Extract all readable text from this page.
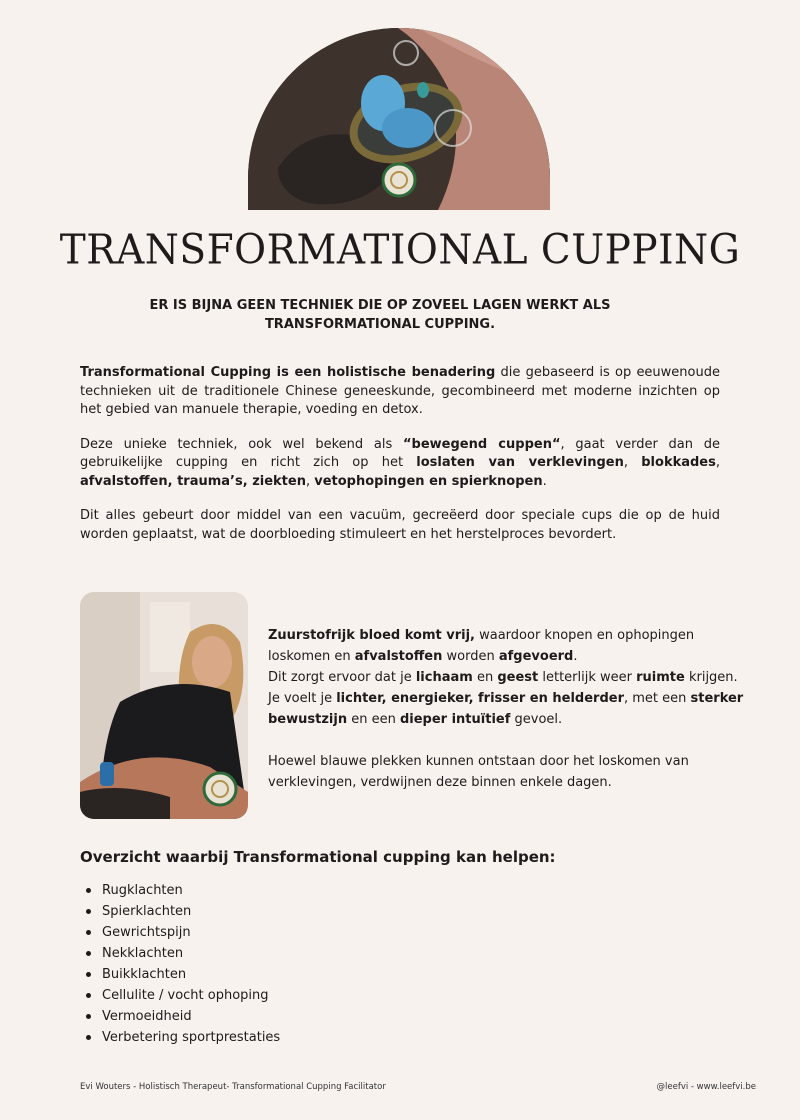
TRANSFORMATIONAL CUPPING

ER IS BIJNA GEEN TECHNIEK DIE OP ZOVEEL LAGEN WERKT ALS
TRANSFORMATIONAL CUPPING.

Transformational Cupping is een holistische benadering die gebaseerd is op eeuwenoude technieken uit de traditionele Chinese geneeskunde, gecombineerd met moderne inzichten op het gebied van manuele therapie, voeding en detox.

Deze unieke techniek, ook wel bekend als “bewegend cuppen“, gaat verder dan de gebruikelijke cupping en richt zich op het loslaten van verklevingen, blokkades, afvalstoffen, trauma’s, ziekten, vetophopingen en spierknopen.

Dit alles gebeurt door middel van een vacuüm, gecreëerd door speciale cups die op de huid worden geplaatst, wat de doorbloeding stimuleert en het herstelproces bevordert.

Zuurstofrijk bloed komt vrij, waardoor knopen en ophopingen loskomen en afvalstoffen worden afgevoerd.

Dit zorgt ervoor dat je lichaam en geest letterlijk weer ruimte krijgen.

Je voelt je lichter, energieker, frisser en helderder, met een sterker bewustzijn en een dieper intuïtief gevoel.

Hoewel blauwe plekken kunnen ontstaan door het loskomen van verklevingen, verdwijnen deze binnen enkele dagen.

Overzicht waarbij Transformational cupping kan helpen:
Rugklachten
Spierklachten
Gewrichtspijn
Nekklachten
Buikklachten
Cellulite / vocht ophoping
Vermoeidheid
Verbetering sportprestaties
Evi Wouters - Holistisch Therapeut- Transformational Cupping Facilitator	@leefvi - www.leefvi.be
